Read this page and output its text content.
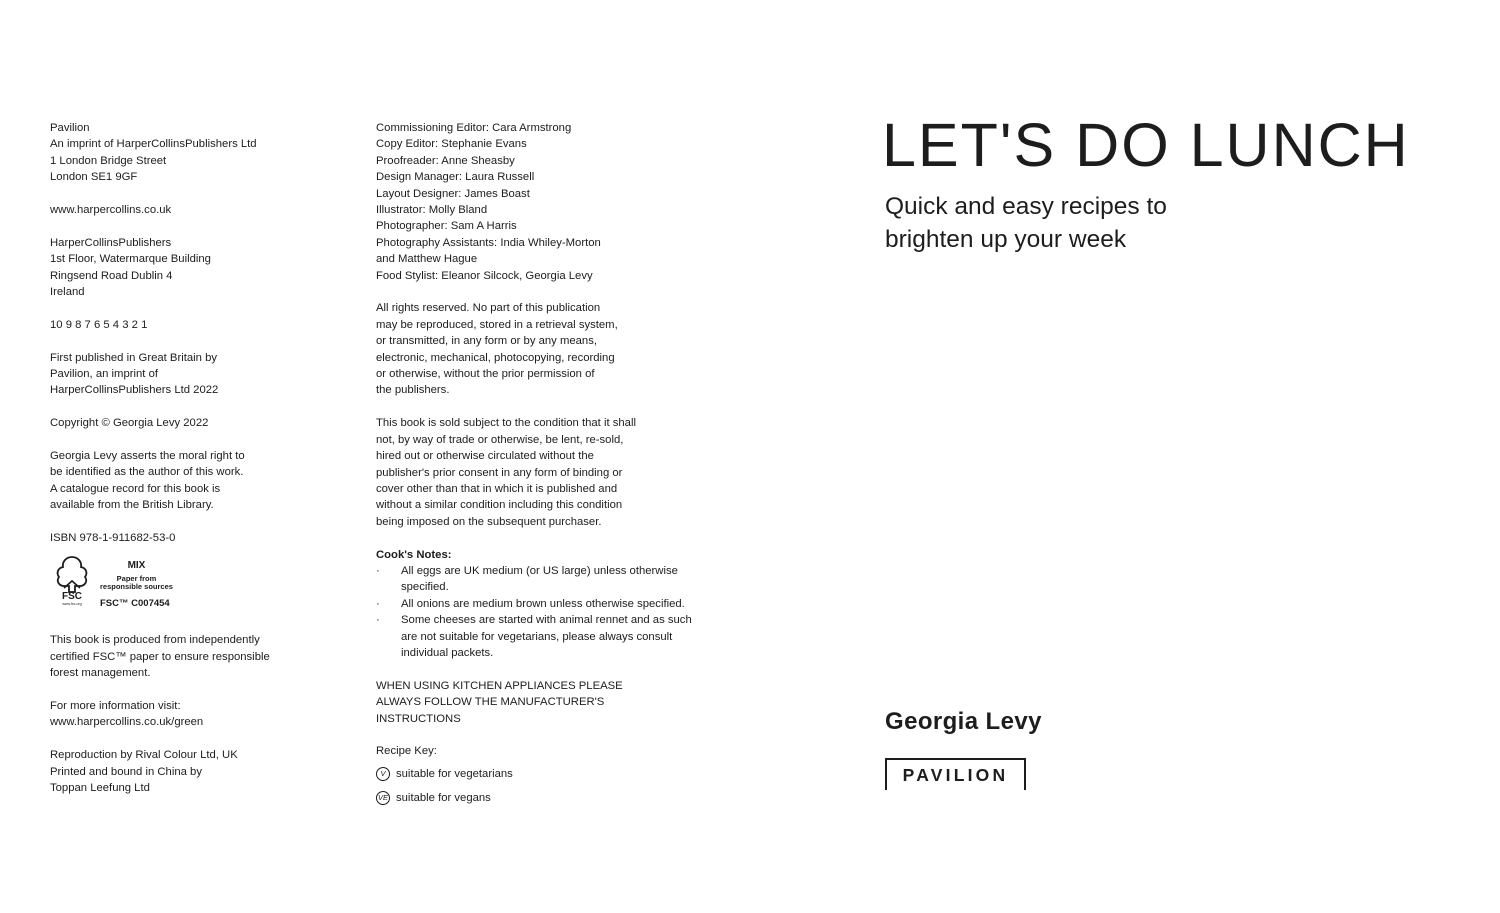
Pavilion
An imprint of HarperCollinsPublishers Ltd
1 London Bridge Street
London SE1 9GF
www.harpercollins.co.uk
HarperCollinsPublishers
1st Floor, Watermarque Building
Ringsend Road Dublin 4
Ireland
10 9 8 7 6 5 4 3 2 1
First published in Great Britain by
Pavilion, an imprint of
HarperCollinsPublishers Ltd 2022
Copyright © Georgia Levy 2022
Georgia Levy asserts the moral right to
be identified as the author of this work.
A catalogue record for this book is
available from the British Library.
ISBN 978-1-911682-53-0
FSC
www.fsc.org
MIX
Paper from
responsible sources
FSC™ C007454
This book is produced from independently
certified FSC™ paper to ensure responsible
forest management.
For more information visit:
www.harpercollins.co.uk/green
Reproduction by Rival Colour Ltd, UK
Printed and bound in China by
Toppan Leefung Ltd
Commissioning Editor: Cara Armstrong
Copy Editor: Stephanie Evans
Proofreader: Anne Sheasby
Design Manager: Laura Russell
Layout Designer: James Boast
Illustrator: Molly Bland
Photographer: Sam A Harris
Photography Assistants: India Whiley-Morton
and Matthew Hague
Food Stylist: Eleanor Silcock, Georgia Levy
All rights reserved. No part of this publication
may be reproduced, stored in a retrieval system,
or transmitted, in any form or by any means,
electronic, mechanical, photocopying, recording
or otherwise, without the prior permission of
the publishers.
This book is sold subject to the condition that it shall
not, by way of trade or otherwise, be lent, re-sold,
hired out or otherwise circulated without the
publisher's prior consent in any form of binding or
cover other than that in which it is published and
without a similar condition including this condition
being imposed on the subsequent purchaser.
Cook's Notes:
· All eggs are UK medium (or US large) unless otherwise specified.
· All onions are medium brown unless otherwise specified.
· Some cheeses are started with animal rennet and as such are not suitable for vegetarians, please always consult individual packets.
WHEN USING KITCHEN APPLIANCES PLEASE
ALWAYS FOLLOW THE MANUFACTURER'S
INSTRUCTIONS
Recipe Key:
V suitable for vegetarians
VE suitable for vegans
LET'S DO LUNCH
Quick and easy recipes to
brighten up your week
Georgia Levy
PAVILION
